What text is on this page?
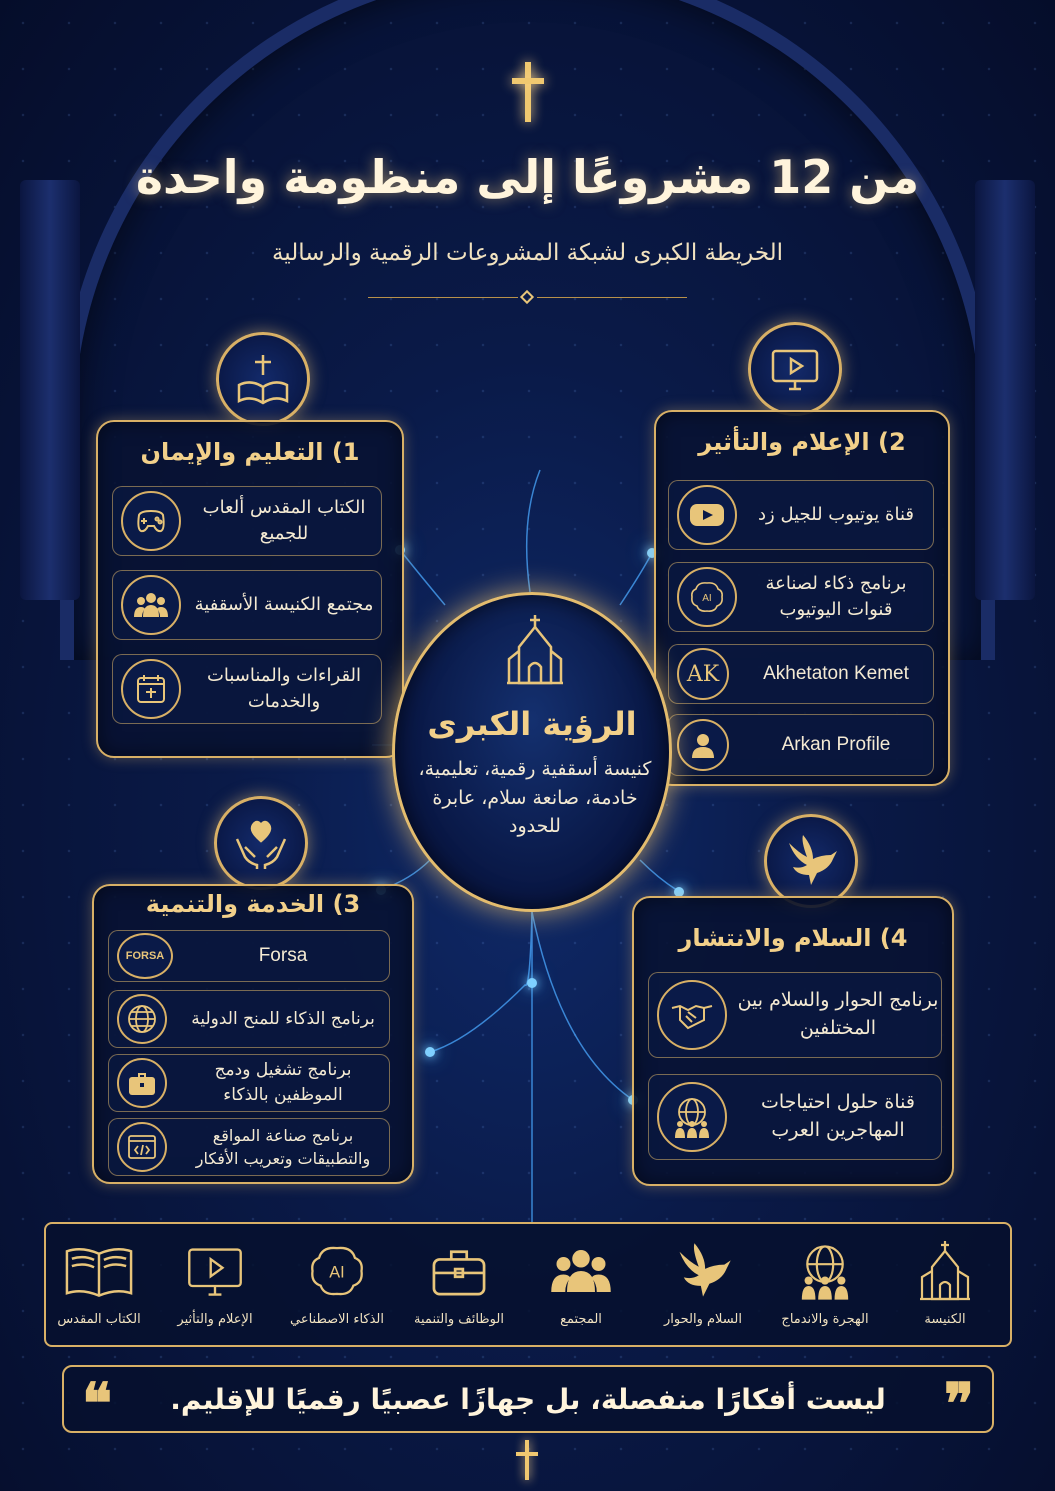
من 12 مشروعًا إلى منظومة واحدة
الخريطة الكبرى لشبكة المشروعات الرقمية والرسالية
1) التعليم والإيمان
الكتاب المقدس ألعاب للجميع
مجتمع الكنيسة الأسقفية
القراءات والمناسبات والخدمات
2) الإعلام والتأثير
قناة يوتيوب للجيل زد
AI
برنامج ذكاء لصناعة قنوات اليوتيوب
AK	Akhetaton Kemet
Arkan Profile
الرؤية الكبرى
كنيسة أسقفية رقمية، تعليمية، خادمة، صانعة سلام، عابرة للحدود
3) الخدمة والتنمية
FORSA	Forsa
برنامج الذكاء للمنح الدولية
برنامج تشغيل ودمج الموظفين بالذكاء
برنامج صناعة المواقع والتطبيقات وتعريب الأفكار
4) السلام والانتشار
برنامج الحوار والسلام بين المختلفين
قناة حلول احتياجات المهاجرين العرب
الكنيسة
الهجرة والاندماج
السلام والحوار
المجتمع
الوظائف والتنمية
AI
الذكاء الاصطناعي
الإعلام والتأثير
الكتاب المقدس
❞
ليست أفكارًا منفصلة، بل جهازًا عصبيًا رقميًا للإقليم.
❝
